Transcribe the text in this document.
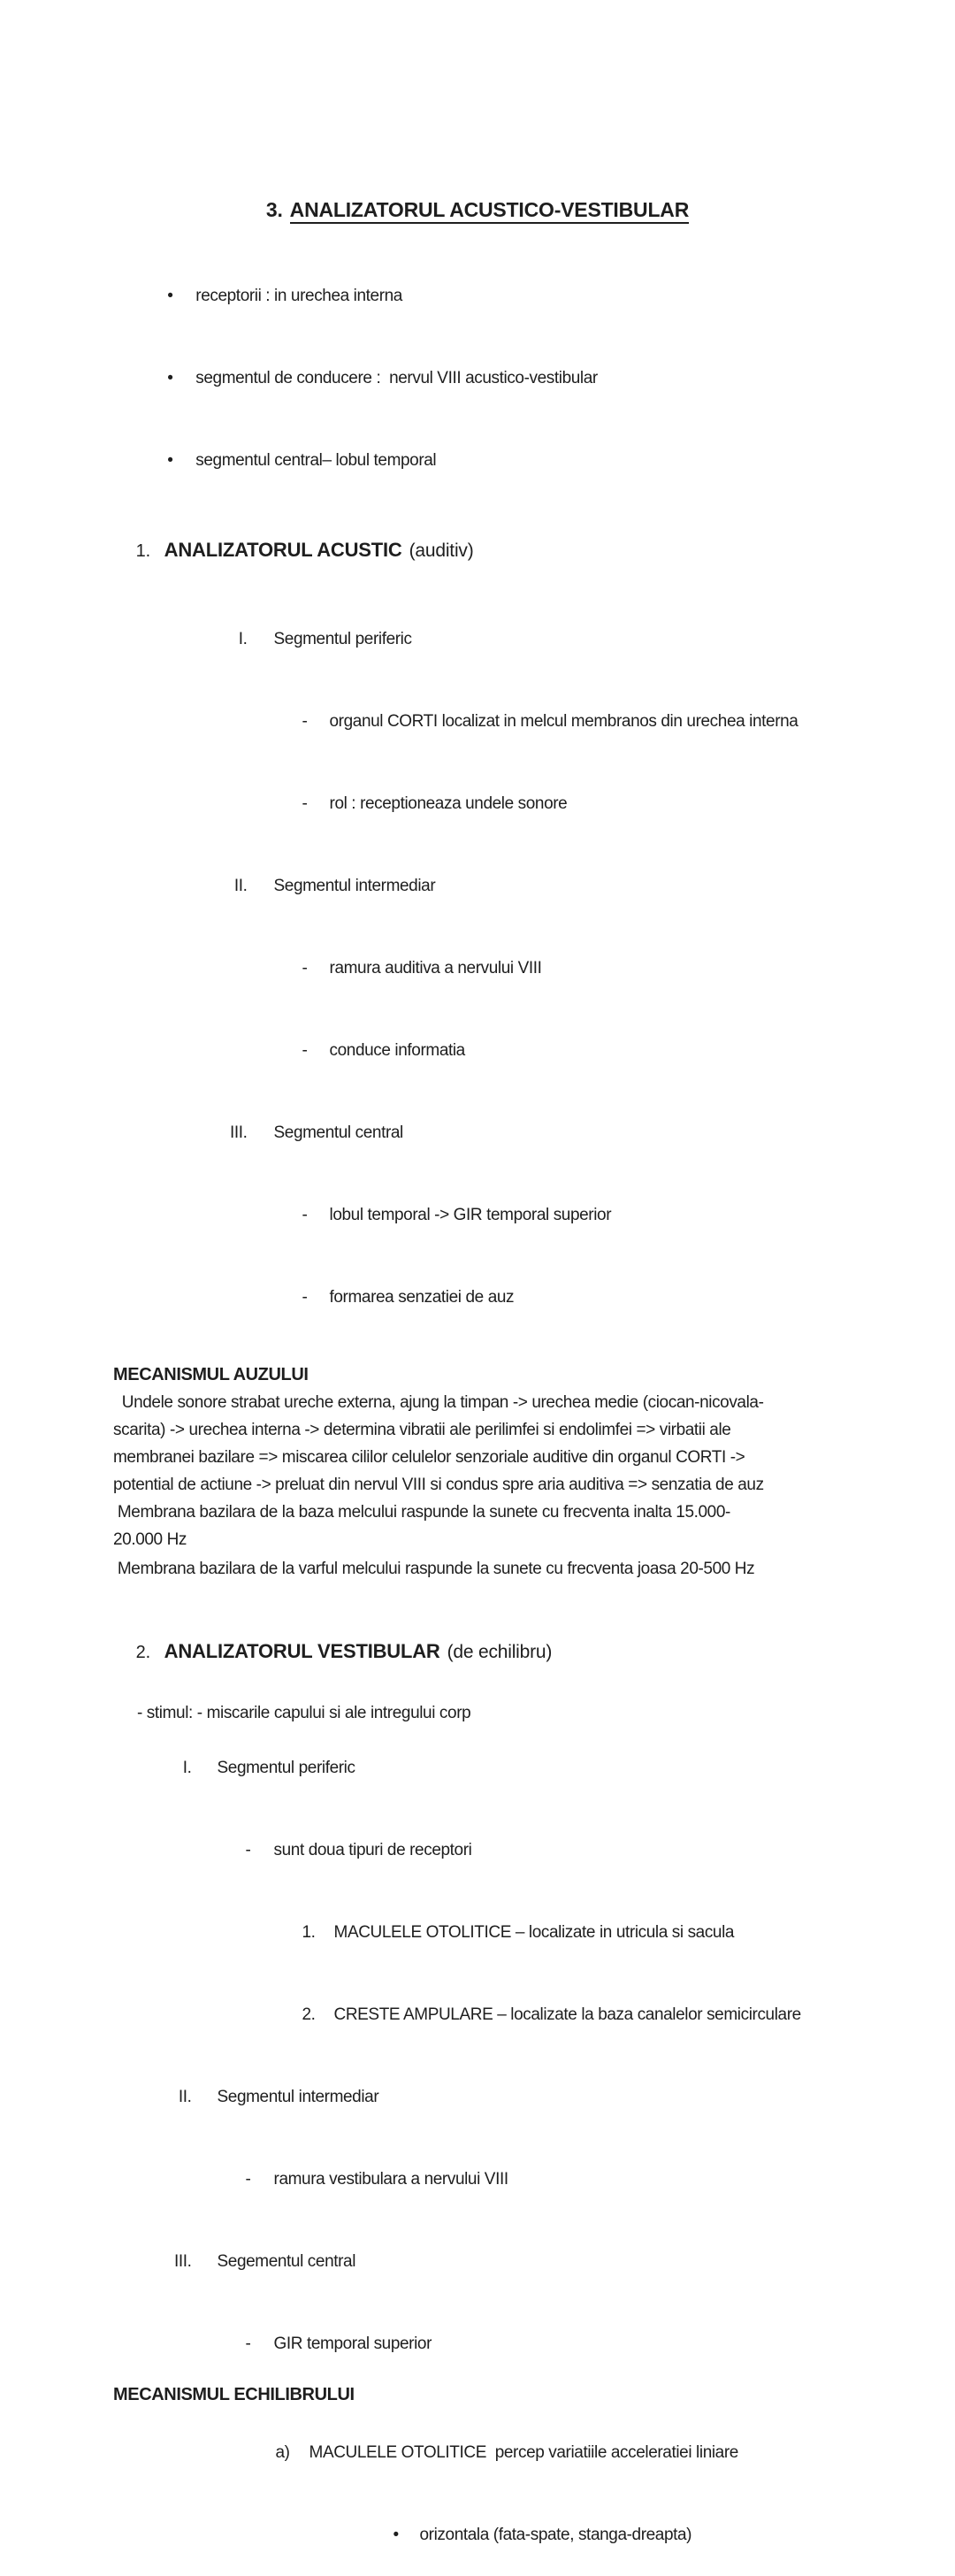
3. ANALIZATORUL ACUSTICO-VESTIBULAR

• receptorii : in urechea interna

• segmentul de conducere :  nervul VIII acustico-vestibular

• segmentul central– lobul temporal

1. ANALIZATORUL ACUSTIC (auditiv)

I. Segmentul periferic

- organul CORTI localizat in melcul membranos din urechea interna

- rol : receptioneaza undele sonore

II. Segmentul intermediar

- ramura auditiva a nervului VIII

- conduce informatia

III. Segmentul central

- lobul temporal -> GIR temporal superior

- formarea senzatiei de auz

MECANISMUL AUZULUI
Undele sonore strabat ureche externa, ajung la timpan -> urechea medie (ciocan-nicovala-
scarita) -> urechea interna -> determina vibratii ale perilimfei si endolimfei => virbatii ale
membranei bazilare => miscarea cililor celulelor senzoriale auditive din organul CORTI ->
potential de actiune -> preluat din nervul VIII si condus spre aria auditiva => senzatia de auz
Membrana bazilara de la baza melcului raspunde la sunete cu frecventa inalta 15.000-
20.000 Hz
Membrana bazilara de la varful melcului raspunde la sunete cu frecventa joasa 20-500 Hz

2. ANALIZATORUL VESTIBULAR (de echilibru)

- stimul: - miscarile capului si ale intregului corp

I. Segmentul periferic

- sunt doua tipuri de receptori

1. MACULELE OTOLITICE – localizate in utricula si sacula

2. CRESTE AMPULARE – localizate la baza canalelor semicirculare

II. Segmentul intermediar

- ramura vestibulara a nervului VIII

III. Segementul central

- GIR temporal superior

MECANISMUL ECHILIBRULUI

a) MACULELE OTOLITICE  percep variatiile acceleratiei liniare

• orizontala (fata-spate, stanga-dreapta)
